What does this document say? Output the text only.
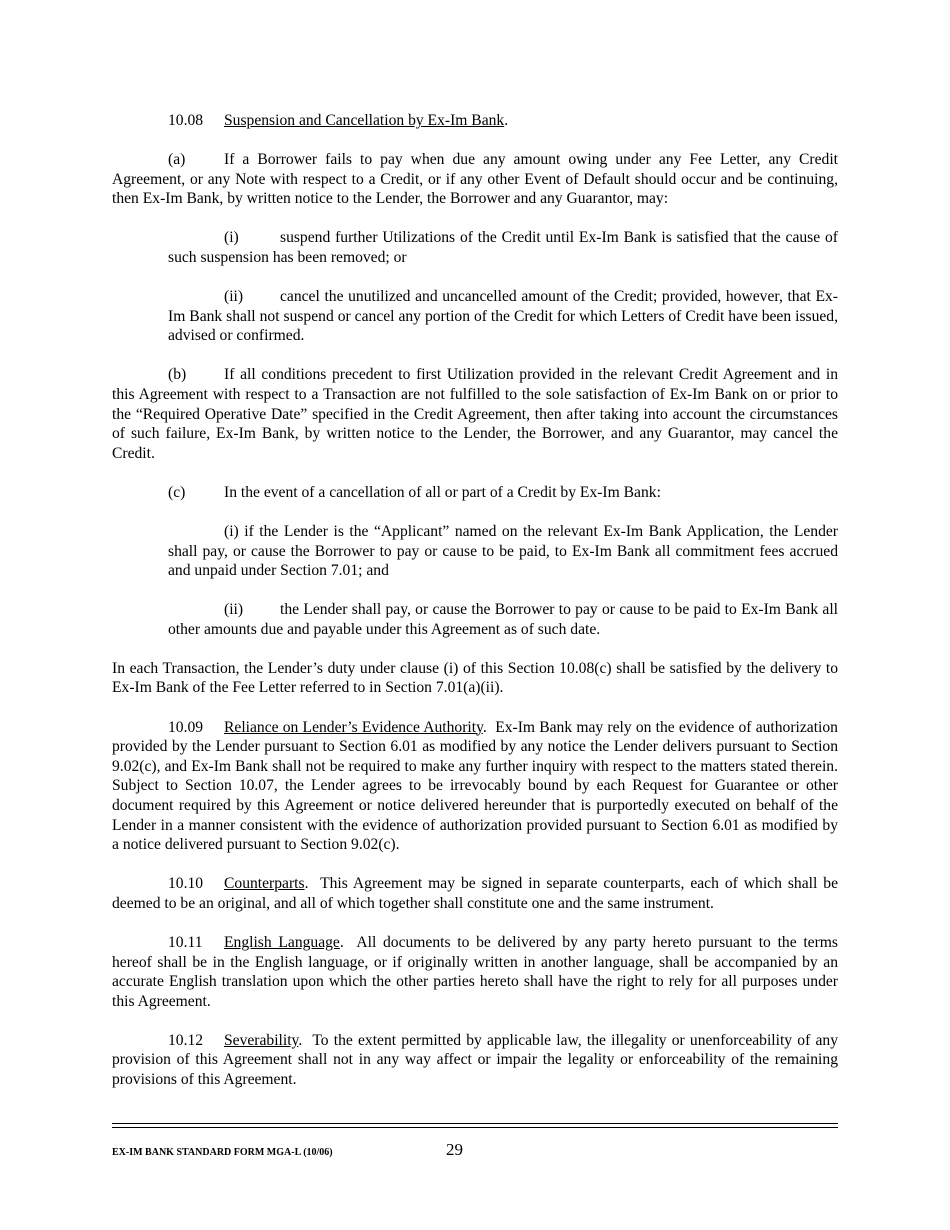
10.08 Suspension and Cancellation by Ex-Im Bank.

(a) If a Borrower fails to pay when due any amount owing under any Fee Letter, any Credit Agreement, or any Note with respect to a Credit, or if any other Event of Default should occur and be continuing, then Ex-Im Bank, by written notice to the Lender, the Borrower and any Guarantor, may:

(i)	suspend further Utilizations of the Credit until Ex-Im Bank is satisfied that the cause of such suspension has been removed; or

(ii) cancel the unutilized and uncancelled amount of the Credit; provided, however, that Ex-Im Bank shall not suspend or cancel any portion of the Credit for which Letters of Credit have been issued, advised or confirmed.

(b) If all conditions precedent to first Utilization provided in the relevant Credit Agreement and in this Agreement with respect to a Transaction are not fulfilled to the sole satisfaction of Ex-Im Bank on or prior to the “Required Operative Date” specified in the Credit Agreement, then after taking into account the circumstances of such failure, Ex-Im Bank, by written notice to the Lender, the Borrower, and any Guarantor, may cancel the Credit.

(c) In the event of a cancellation of all or part of a Credit by Ex-Im Bank:

(i) if the Lender is the “Applicant” named on the relevant Ex-Im Bank Application, the Lender shall pay, or cause the Borrower to pay or cause to be paid, to Ex-Im Bank all commitment fees accrued and unpaid under Section 7.01; and

(ii) the Lender shall pay, or cause the Borrower to pay or cause to be paid to Ex-Im Bank all other amounts due and payable under this Agreement as of such date.

In each Transaction, the Lender’s duty under clause (i) of this Section 10.08(c) shall be satisfied by the delivery to Ex-Im Bank of the Fee Letter referred to in Section 7.01(a)(ii).

10.09 Reliance on Lender’s Evidence Authority.  Ex-Im Bank may rely on the evidence of authorization provided by the Lender pursuant to Section 6.01 as modified by any notice the Lender delivers pursuant to Section 9.02(c), and Ex-Im Bank shall not be required to make any further inquiry with respect to the matters stated therein. Subject to Section 10.07, the Lender agrees to be irrevocably bound by each Request for Guarantee or other document required by this Agreement or notice delivered hereunder that is purportedly executed on behalf of the Lender in a manner consistent with the evidence of authorization provided pursuant to Section 6.01 as modified by a notice delivered pursuant to Section 9.02(c).

10.10 Counterparts.  This Agreement may be signed in separate counterparts, each of which shall be deemed to be an original, and all of which together shall constitute one and the same instrument.

10.11 English Language.  All documents to be delivered by any party hereto pursuant to the terms hereof shall be in the English language, or if originally written in another language, shall be accompanied by an accurate English translation upon which the other parties hereto shall have the right to rely for all purposes under this Agreement.

10.12 Severability.  To the extent permitted by applicable law, the illegality or unenforceability of any provision of this Agreement shall not in any way affect or impair the legality or enforceability of the remaining provisions of this Agreement.

EX-IM BANK STANDARD FORM MGA-L (10/06)	29
